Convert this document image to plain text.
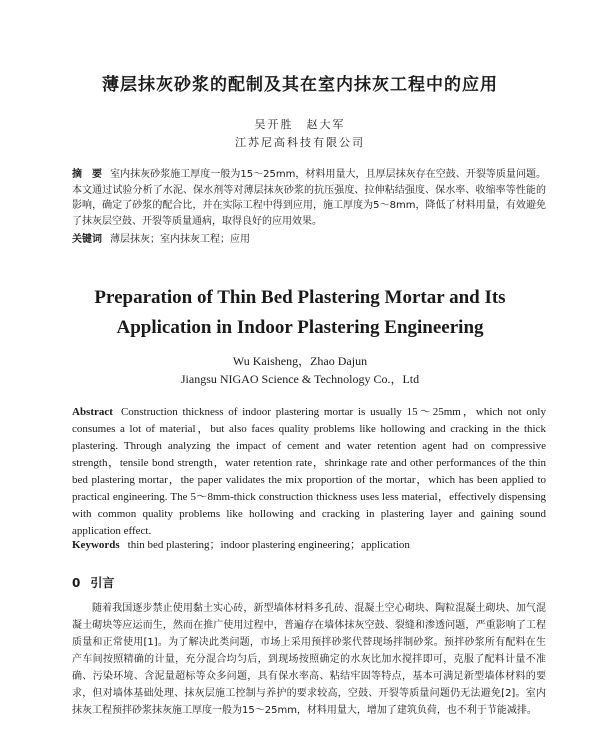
薄层抹灰砂浆的配制及其在室内抹灰工程中的应用
吴开胜　赵大军
江苏尼高科技有限公司
摘　要 室内抹灰砂浆施工厚度一般为15～25mm，材料用量大，且厚层抹灰存在空鼓、开裂等质量问题。本文通过试验分析了水泥、保水剂等对薄层抹灰砂浆的抗压强度、拉伸粘结强度、保水率、收缩率等性能的影响，确定了砂浆的配合比，并在实际工程中得到应用，施工厚度为5～8mm，降低了材料用量，有效避免了抹灰层空鼓、开裂等质量通病，取得良好的应用效果。
关键词 薄层抹灰；室内抹灰工程；应用
Preparation of Thin Bed Plastering Mortar and Its
Application in Indoor Plastering Engineering
Wu Kaisheng，Zhao Dajun
Jiangsu NIGAO Science & Technology Co.，Ltd
Abstract Construction thickness of indoor plastering mortar is usually 15～25mm，which not only consumes a lot of material，but also faces quality problems like hollowing and cracking in the thick plastering. Through analyzing the impact of cement and water retention agent had on compressive strength，tensile bond strength，water retention rate，shrinkage rate and other performances of the thin bed plastering mortar，the paper validates the mix proportion of the mortar，which has been applied to practical engineering. The 5～8mm-thick construction thickness uses less material，effectively dispensing with common quality problems like hollowing and cracking in plastering layer and gaining sound application effect.
Keywords thin bed plastering；indoor plastering engineering；application
0 引言
随着我国逐步禁止使用黏土实心砖，新型墙体材料多孔砖、混凝土空心砌块、陶粒混凝土砌块、加气混凝土砌块等应运而生，然而在推广使用过程中，普遍存在墙体抹灰空鼓、裂缝和渗透问题，严重影响了工程质量和正常使用[1]。为了解决此类问题，市场上采用预拌砂浆代替现场拌制砂浆。预拌砂浆所有配料在生产车间按照精确的计量，充分混合均匀后，到现场按照确定的水灰比加水搅拌即可，克服了配料计量不准确、污染环境、含泥量超标等众多问题，具有保水率高、粘结牢固等特点，基本可满足新型墙体材料的要求，但对墙体基础处理、抹灰层施工控制与养护的要求较高，空鼓、开裂等质量问题仍无法避免[2]。室内抹灰工程预拌砂浆抹灰施工厚度一般为15～25mm，材料用量大，增加了建筑负荷，也不利于节能减排。
